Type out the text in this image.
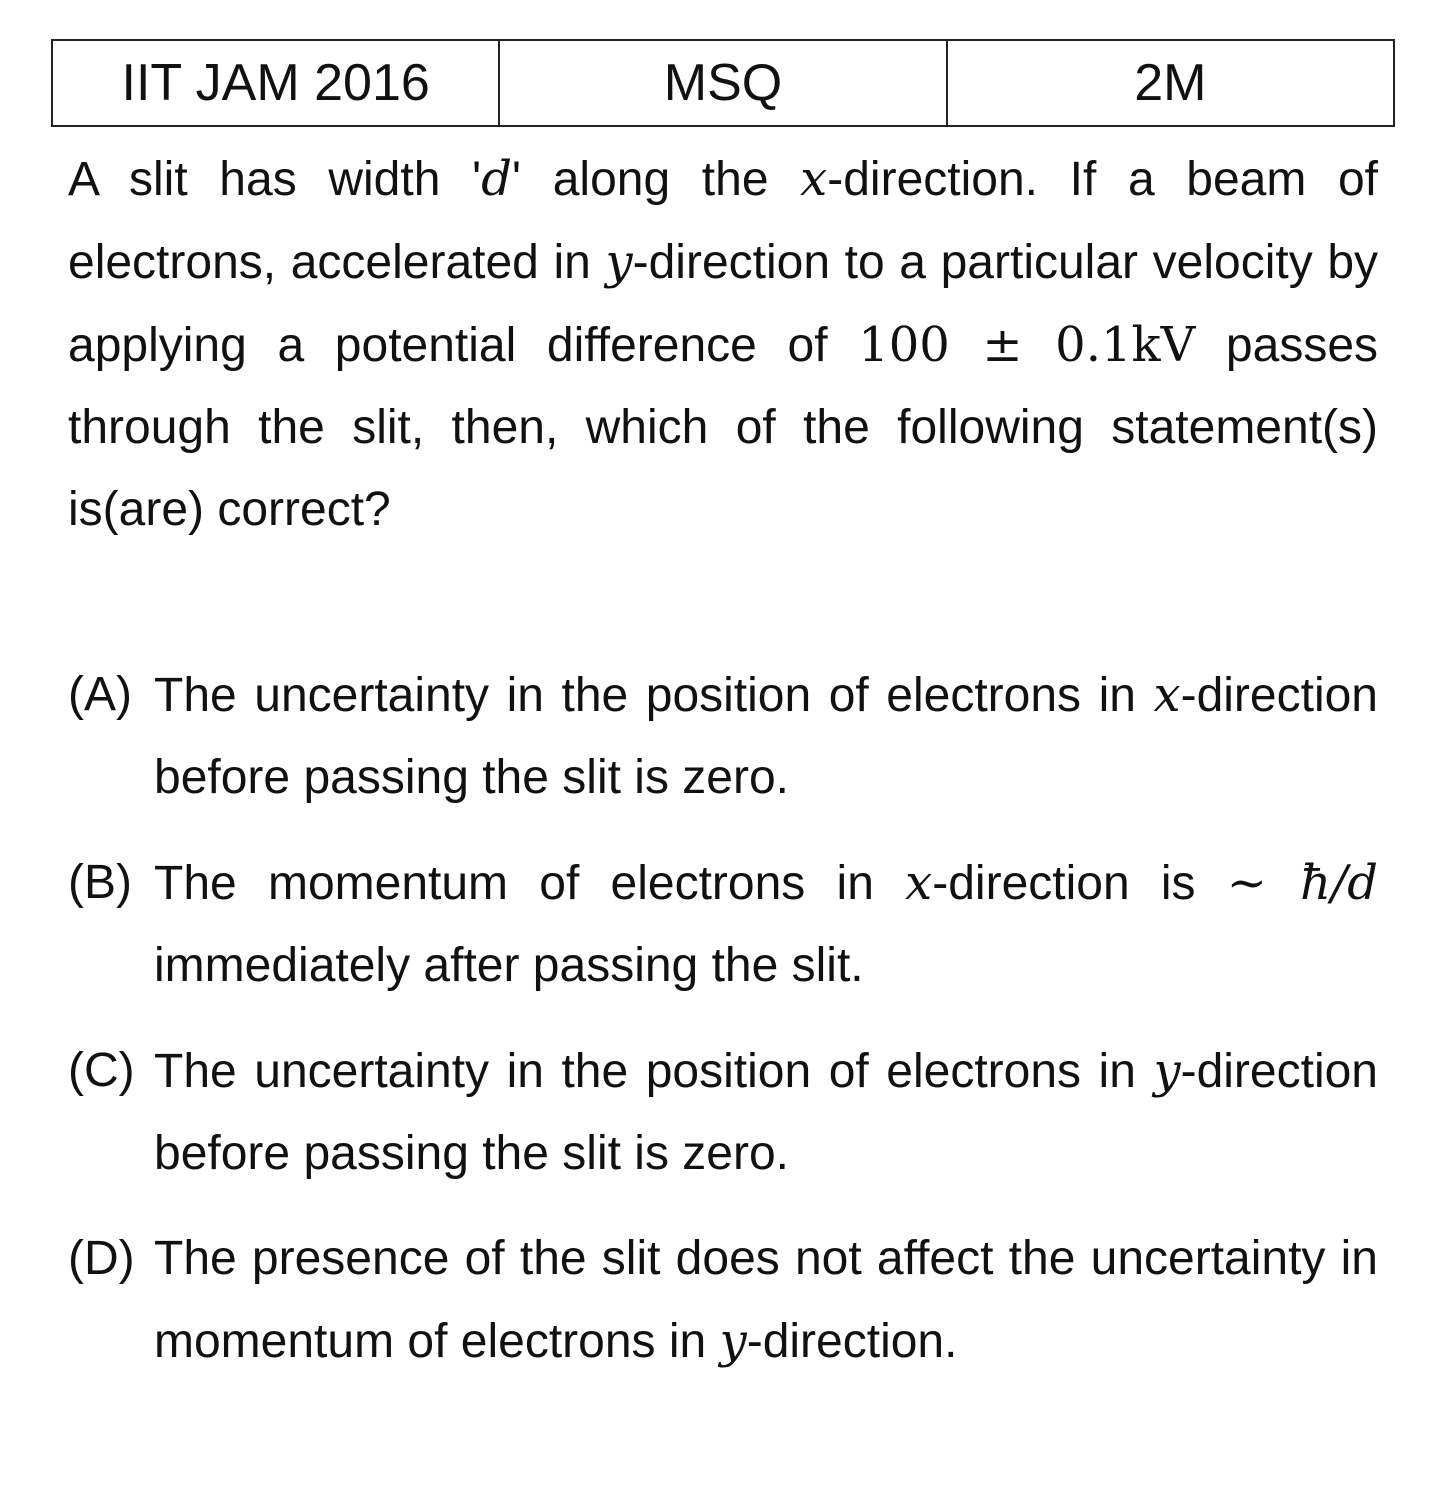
IIT JAM 2016	MSQ	2M
A slit has width 'd' along the x-direction. If a beam of electrons, accelerated in y-direction to a particular velocity by applying a potential difference of 100 ± 0.1kV passes through the slit, then, which of the following statement(s) is(are) correct?
(A) The uncertainty in the position of electrons in x-direction before passing the slit is zero.
(B) The momentum of electrons in x-direction is ~ ħ/d immediately after passing the slit.
(C) The uncertainty in the position of electrons in y-direction before passing the slit is zero.
(D) The presence of the slit does not affect the uncertainty in momentum of electrons in y-direction.
